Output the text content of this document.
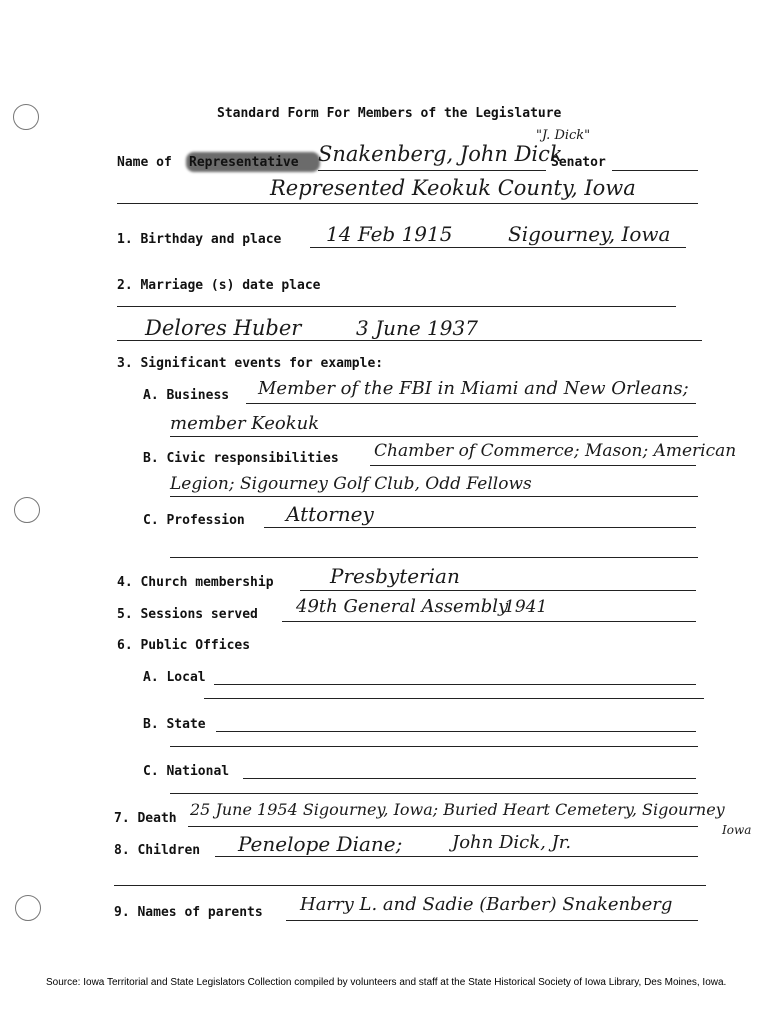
Standard Form For Members of the Legislature
Name of Representative Snakenberg, John Dick
"J. Dick"
Senator
Represented Keokuk County, Iowa
1. Birthday and place 14 Feb 1915	Sigourney, Iowa
2. Marriage (s) date place
Delores Huber	3 June 1937
3. Significant events for example:
A. Business Member of the FBI in Miami and New Orleans;
member Keokuk
B. Civic responsibilities Chamber of Commerce; Mason; American
Legion; Sigourney Golf Club, Odd Fellows
C. Profession Attorney
4. Church membership	Presbyterian
5. Sessions served 49th General Assembly
1941
6. Public Offices
A. Local
B. State
C. National
7. Death 25 June 1954 Sigourney, Iowa; Buried Heart Cemetery, Sigourney
Iowa
8. Children Penelope Diane;	John Dick, Jr.
9. Names of parents Harry L. and Sadie (Barber) Snakenberg
Source: Iowa Territorial and State Legislators Collection compiled by volunteers and staff at the State Historical Society of Iowa Library, Des Moines, Iowa.
